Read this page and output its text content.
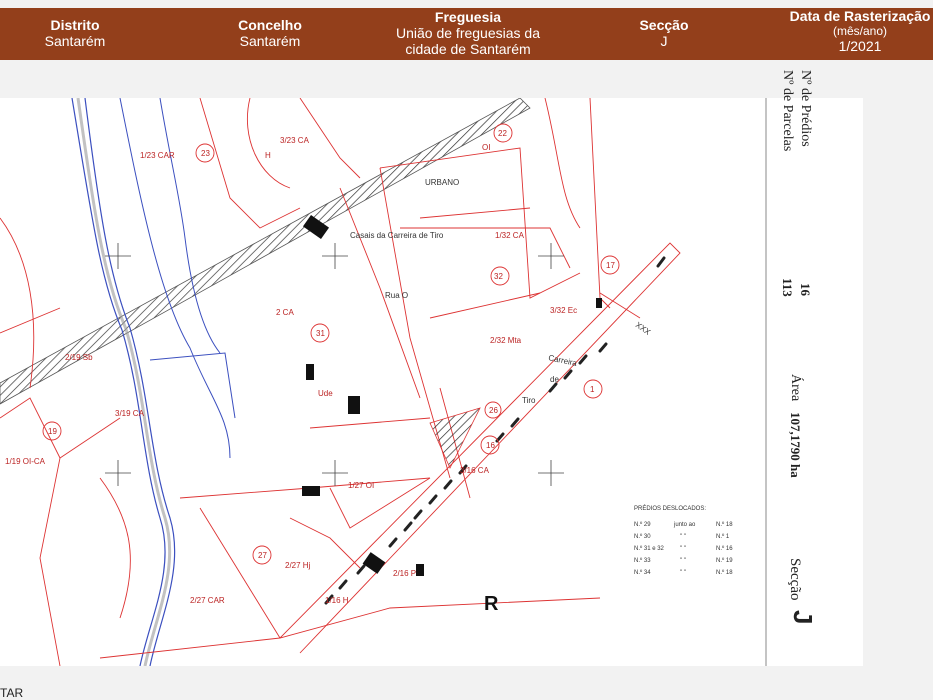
Distrito
Santarém
Concelho
Santarém
Freguesia
União de freguesias da
cidade de Santarém
Secção
J
Data de Rasterização
(mês/ano)
1/2021
1/23 CAR	23	H
3/23 CA
22
OI
URBANO
Casais da Carreira de Tiro	1/32 CA
32
17
Rua O
3/32 Ec
2 CA
31
2/32 Mta
Carreira
de
Tiro
1
2/19 Sb
3/19 CA
19
1/19 OI-CA
Ude
26
16
3/16 CA
1/27 OI
2/27 Hj
27
2/27 CAR
2/16 P
1/16 H
XXX
R
PRÉDIOS DESLOCADOS:
N.º 29	junto ao	N.º 18
N.º 30	" "	N.º 1
N.º 31 e 32	" "	N.º 16
N.º 33	" "	N.º 19
N.º 34	" "	N.º 18
Nº de Prédios
16
Nº de Parcelas
113
Área
107,1790 ha
Secção
J
TAR
